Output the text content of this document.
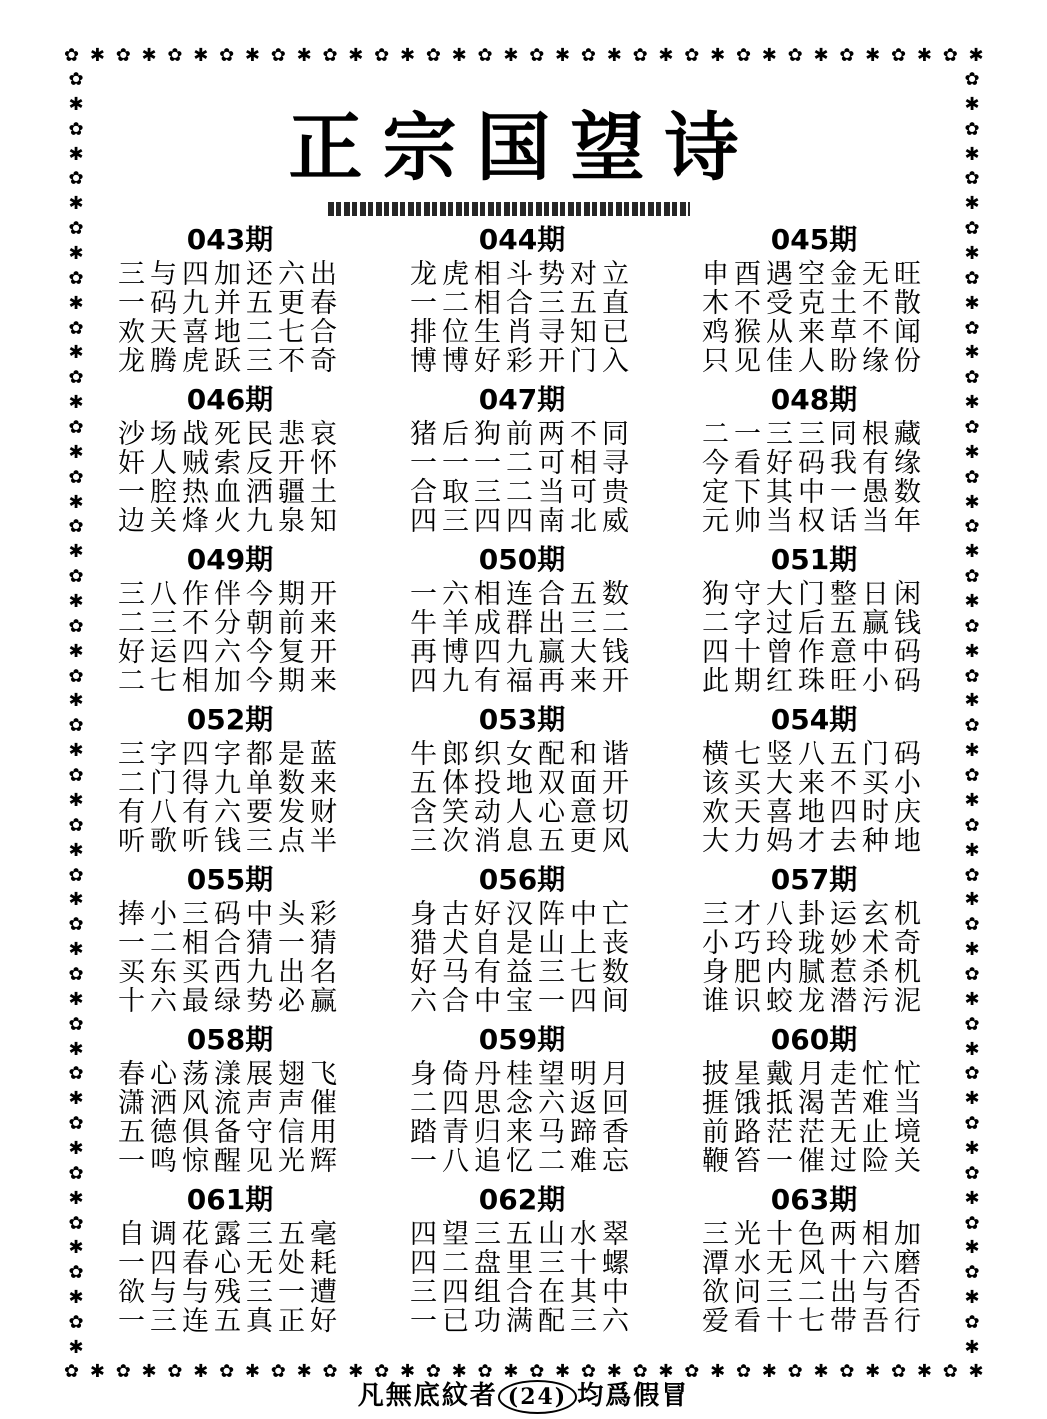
✿ ✱ ✿ ✱ ✿ ✱ ✿ ✱ ✿ ✱ ✿ ✱ ✿ ✱ ✿ ✱ ✿ ✱ ✿ ✱ ✿ ✱ ✿ ✱ ✿ ✱ ✿ ✱ ✿ ✱ ✿ ✱ ✿ ✱ ✿ ✱
✿ ✱ ✿ ✱ ✿ ✱ ✿ ✱ ✿ ✱ ✿ ✱ ✿ ✱ ✿ ✱ ✿ ✱ ✿ ✱ ✿ ✱ ✿ ✱ ✿ ✱ ✿ ✱ ✿ ✱ ✿ ✱ ✿ ✱ ✿ ✱
✿
✱
✿
✱
✿
✱
✿
✱
✿
✱
✿
✱
✿
✱
✿
✱
✿
✱
✿
✱
✿
✱
✿
✱
✿
✱
✿
✱
✿
✱
✿
✱
✿
✱
✿
✱
✿
✱
✿
✱
✿
✱
✿
✱
✿
✱
✿
✱
✿
✱
✿
✱
✿
✱
✿
✱
✿
✱
✿
✱
✿
✱
✿
✱
✿
✱
✿
✱
✿
✱
✿
✱
✿
✱
✿
✱
✿
✱
✿
✱
✿
✱
✿
✱
✿
✱
✿
✱
✿
✱
✿
✱
✿
✱
✿
✱
✿
✱
✿
✱
✿
✱
✿
✱
正宗国望诗
043期
三与四加还六出
一码九并五更春
欢天喜地二七合
龙腾虎跃三不奇
044期
龙虎相斗势对立
一二相合三五直
排位生肖寻知已
博博好彩开门入
045期
申酉遇空金无旺
木不受克土不散
鸡猴从来草不闻
只见佳人盼缘份
046期
沙场战死民悲哀
奸人贼索反开怀
一腔热血洒疆土
边关烽火九泉知
047期
猪后狗前两不同
一一一二可相寻
合取三二当可贵
四三四四南北威
048期
二一三三同根藏
今看好码我有缘
定下其中一愚数
元帅当权话当年
049期
三八作伴今期开
二三不分朝前来
好运四六今复开
二七相加今期来
050期
一六相连合五数
牛羊成群出三二
再博四九赢大钱
四九有福再来开
051期
狗守大门整日闲
二字过后五赢钱
四十曾作意中码
此期红珠旺小码
052期
三字四字都是蓝
二门得九单数来
有八有六要发财
听歌听钱三点半
053期
牛郎织女配和谐
五体投地双面开
含笑动人心意切
三次消息五更风
054期
横七竖八五门码
该买大来不买小
欢天喜地四时庆
大力妈才去种地
055期
捧小三码中头彩
一二相合猜一猜
买东买西九出名
十六最绿势必赢
056期
身古好汉阵中亡
猎犬自是山上丧
好马有益三七数
六合中宝一四间
057期
三才八卦运玄机
小巧玲珑妙术奇
身肥内腻惹杀机
谁识蛟龙潜污泥
058期
春心荡漾展翅飞
潇洒风流声声催
五德俱备守信用
一鸣惊醒见光辉
059期
身倚丹桂望明月
二四思念六返回
踏青归来马蹄香
一八追忆二难忘
060期
披星戴月走忙忙
捱饿抵渴苦难当
前路茫茫无止境
鞭笞一催过险关
061期
自调花露三五毫
一四春心无处耗
欲与与残三一遭
一三连五真正好
062期
四望三五山水翠
四二盘里三十螺
三四组合在其中
一已功满配三六
063期
三光十色两相加
潭水无风十六磨
欲问三二出与否
爱看十七带吾行
凡無底紋者 (24) 均爲假冒
